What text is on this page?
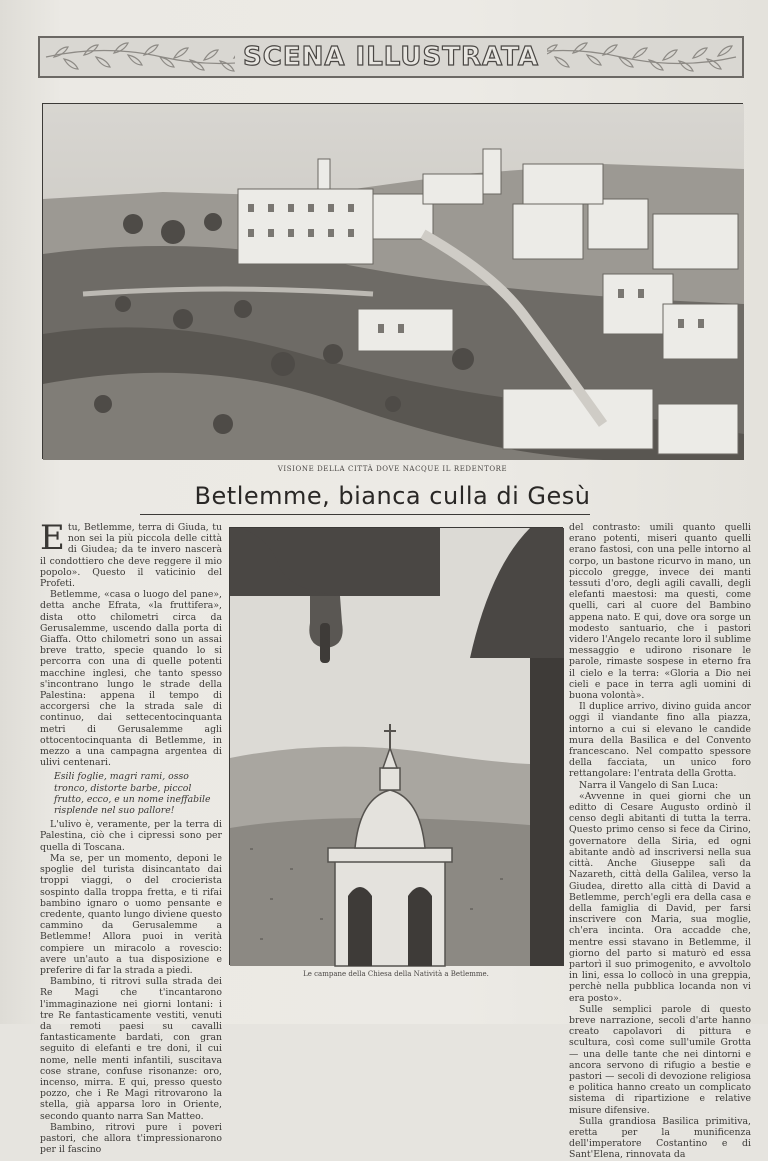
SCENA ILLUSTRATA
VISIONE DELLA CITTÀ DOVE NACQUE IL REDENTORE
Betlemme, bianca culla di Gesù

Etu, Betlemme, terra di Giuda, tu non sei la più piccola delle città di Giudea; da te invero nascerà il condottiero che deve reggere il mio popolo». Questo il vaticinio del Profeti.

Betlemme, «casa o luogo del pane», detta anche Efrata, «la fruttifera», dista otto chilometri circa da Gerusalemme, uscendo dalla porta di Giaffa. Otto chilometri sono un assai breve tratto, specie quando lo si percorra con una di quelle potenti macchine inglesi, che tanto spesso s'incontrano lungo le strade della Palestina: appena il tempo di accorgersi che la strada sale di continuo, dai settecentocinquanta metri di Gerusalemme agli ottocentocinquanta di Betlemme, in mezzo a una campagna argentea di ulivi centenari.

Esili foglie, magri rami, osso tronco, distorte barbe, piccol frutto, ecco, e un nome ineffabile risplende nel suo pallore!

L'ulivo è, veramente, per la terra di Palestina, ciò che i cipressi sono per quella di Toscana.

Ma se, per un momento, deponi le spoglie del turista disincantato dai troppi viaggi, o del crocierista sospinto dalla troppa fretta, e ti rifai bambino ignaro o uomo pensante e credente, quanto lungo diviene questo cammino da Gerusalemme a Betlemme! Allora puoi in verità compiere un miracolo a rovescio: avere un'auto a tua disposizione e preferire di far la strada a piedi.

Bambino, ti ritrovi sulla strada dei Re Magi che t'incantarono l'immaginazione nei giorni lontani: i tre Re fantasticamente vestiti, venuti da remoti paesi su cavalli fantasticamente bardati, con gran seguito di elefanti e tre doni, il cui nome, nelle menti infantili, suscitava cose strane, confuse risonanze: oro, incenso, mirra. E qui, presso questo pozzo, che i Re Magi ritrovarono la stella, già apparsa loro in Oriente, secondo quanto narra San Matteo.

Bambino, ritrovi pure i poveri pastori, che allora t'impressionarono per il fascino

Le campane della Chiesa della Natività a Betlemme.

del contrasto: umili quanto quelli erano potenti, miseri quanto quelli erano fastosi, con una pelle intorno al corpo, un bastone ricurvo in mano, un piccolo gregge, invece dei manti tessuti d'oro, degli agili cavalli, degli elefanti maestosi: ma questi, come quelli, cari al cuore del Bambino appena nato. E qui, dove ora sorge un modesto santuario, che i pastori videro l'Angelo recante loro il sublime messaggio e udirono risonare le parole, rimaste sospese in eterno fra il cielo e la terra: «Gloria a Dio nei cieli e pace in terra agli uomini di buona volontà».

Il duplice arrivo, divino guida ancor oggi il viandante fino alla piazza, intorno a cui si elevano le candide mura della Basilica e del Convento francescano. Nel compatto spessore della facciata, un unico foro rettangolare: l'entrata della Grotta.

Narra il Vangelo di San Luca:

«Avvenne in quei giorni che un editto di Cesare Augusto ordinò il censo degli abitanti di tutta la terra. Questo primo censo si fece da Cirino, governatore della Siria, ed ogni abitante andò ad inscriversi nella sua città. Anche Giuseppe salì da Nazareth, città della Galilea, verso la Giudea, diretto alla città di David a Betlemme, perch'egli era della casa e della famiglia di David, per farsi inscrivere con Maria, sua moglie, ch'era incinta. Ora accadde che, mentre essi stavano in Betlemme, il giorno del parto si maturò ed essa partorì il suo primogenito, e avvoltolo in lini, essa lo collocò in una greppia, perchè nella pubblica locanda non vi era posto».

Sulle semplici parole di questo breve narrazione, secoli d'arte hanno creato capolavori di pittura e scultura, così come sull'umile Grotta — una delle tante che nei dintorni e ancora servono di rifugio a bestie e pastori — secoli di devozione religiosa e politica hanno creato un complicato sistema di ripartizione e relative misure difensive.

Sulla grandiosa Basilica primitiva, eretta per la munificenza dell'imperatore Costantino e di Sant'Elena, rinnovata da
